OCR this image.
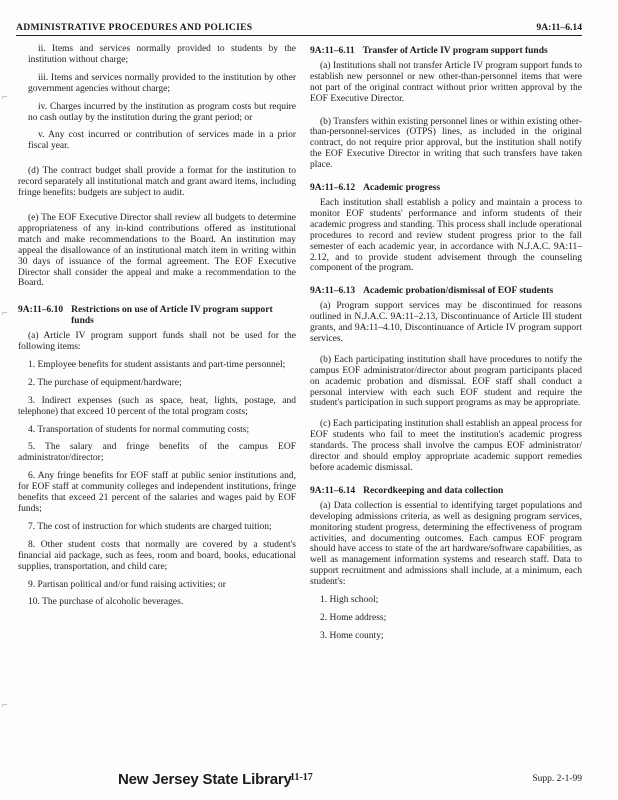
ADMINISTRATIVE PROCEDURES AND POLICIES	9A:11–6.14
⌐
⌐
⌐

ii. Items and services normally provided to students by the institution without charge;

iii. Items and services normally provided to the institution by other government agencies without charge;

iv. Charges incurred by the institution as program costs but require no cash outlay by the institution during the grant period; or

v. Any cost incurred or contribution of services made in a prior fiscal year.

(d) The contract budget shall provide a format for the institution to record separately all institutional match and grant award items, including fringe benefits: budgets are subject to audit.

(e) The EOF Executive Director shall review all budgets to determine appropriateness of any in-kind contributions offered as institutional match and make recommendations to the Board. An institution may appeal the disallowance of an institutional match item in writing within 30 days of issuance of the formal agreement. The EOF Executive Director shall consider the appeal and make a recommendation to the Board.

9A:11–6.10 Restrictions on use of Article IV program support funds

(a) Article IV program support funds shall not be used for the following items:

1. Employee benefits for student assistants and part-time personnel;

2. The purchase of equipment/hardware;

3. Indirect expenses (such as space, heat, lights, postage, and telephone) that exceed 10 percent of the total program costs;

4. Transportation of students for normal commuting costs;

5. The salary and fringe benefits of the campus EOF administrator/director;

6. Any fringe benefits for EOF staff at public senior institutions and, for EOF staff at community colleges and independent institutions, fringe benefits that exceed 21 percent of the salaries and wages paid by EOF funds;

7. The cost of instruction for which students are charged tuition;

8. Other student costs that normally are covered by a student's financial aid package, such as fees, room and board, books, educational supplies, transportation, and child care;

9. Partisan political and/or fund raising activities; or

10. The purchase of alcoholic beverages.

9A:11–6.11 Transfer of Article IV program support funds

(a) Institutions shall not transfer Article IV program support funds to establish new personnel or new other-than-personnel items that were not part of the original contract without prior written approval by the EOF Executive Director.

(b) Transfers within existing personnel lines or within existing other-than-personnel-services (OTPS) lines, as included in the original contract, do not require prior approval, but the institution shall notify the EOF Executive Director in writing that such transfers have taken place.

9A:11–6.12 Academic progress

Each institution shall establish a policy and maintain a process to monitor EOF students' performance and inform students of their academic progress and standing. This process shall include operational procedures to record and review student progress prior to the fall semester of each academic year, in accordance with N.J.A.C. 9A:11–2.12, and to provide student advisement through the counseling component of the program.

9A:11–6.13 Academic probation/dismissal of EOF students

(a) Program support services may be discontinued for reasons outlined in N.J.A.C. 9A:11–2.13, Discontinuance of Article III student grants, and 9A:11–4.10, Discontinuance of Article IV program support services.

(b) Each participating institution shall have procedures to notify the campus EOF administrator/director about program participants placed on academic probation and dismissal. EOF staff shall conduct a personal interview with each such EOF student and require the student's participation in such support programs as may be appropriate.

(c) Each participating institution shall establish an appeal process for EOF students who fail to meet the institution's academic progress standards. The process shall involve the campus EOF administrator/ director and should employ appropriate academic support remedies before academic dismissal.

9A:11–6.14 Recordkeeping and data collection

(a) Data collection is essential to identifying target populations and developing admissions criteria, as well as designing program services, monitoring student progress, determining the effectiveness of program activities, and documenting outcomes. Each campus EOF program should have access to state of the art hardware/software capabilities, as well as management information systems and research staff. Data to support recruitment and admissions shall include, at a minimum, each student's:

1. High school;

2. Home address;

3. Home county;

New Jersey State Library
11-17	Supp. 2-1-99
